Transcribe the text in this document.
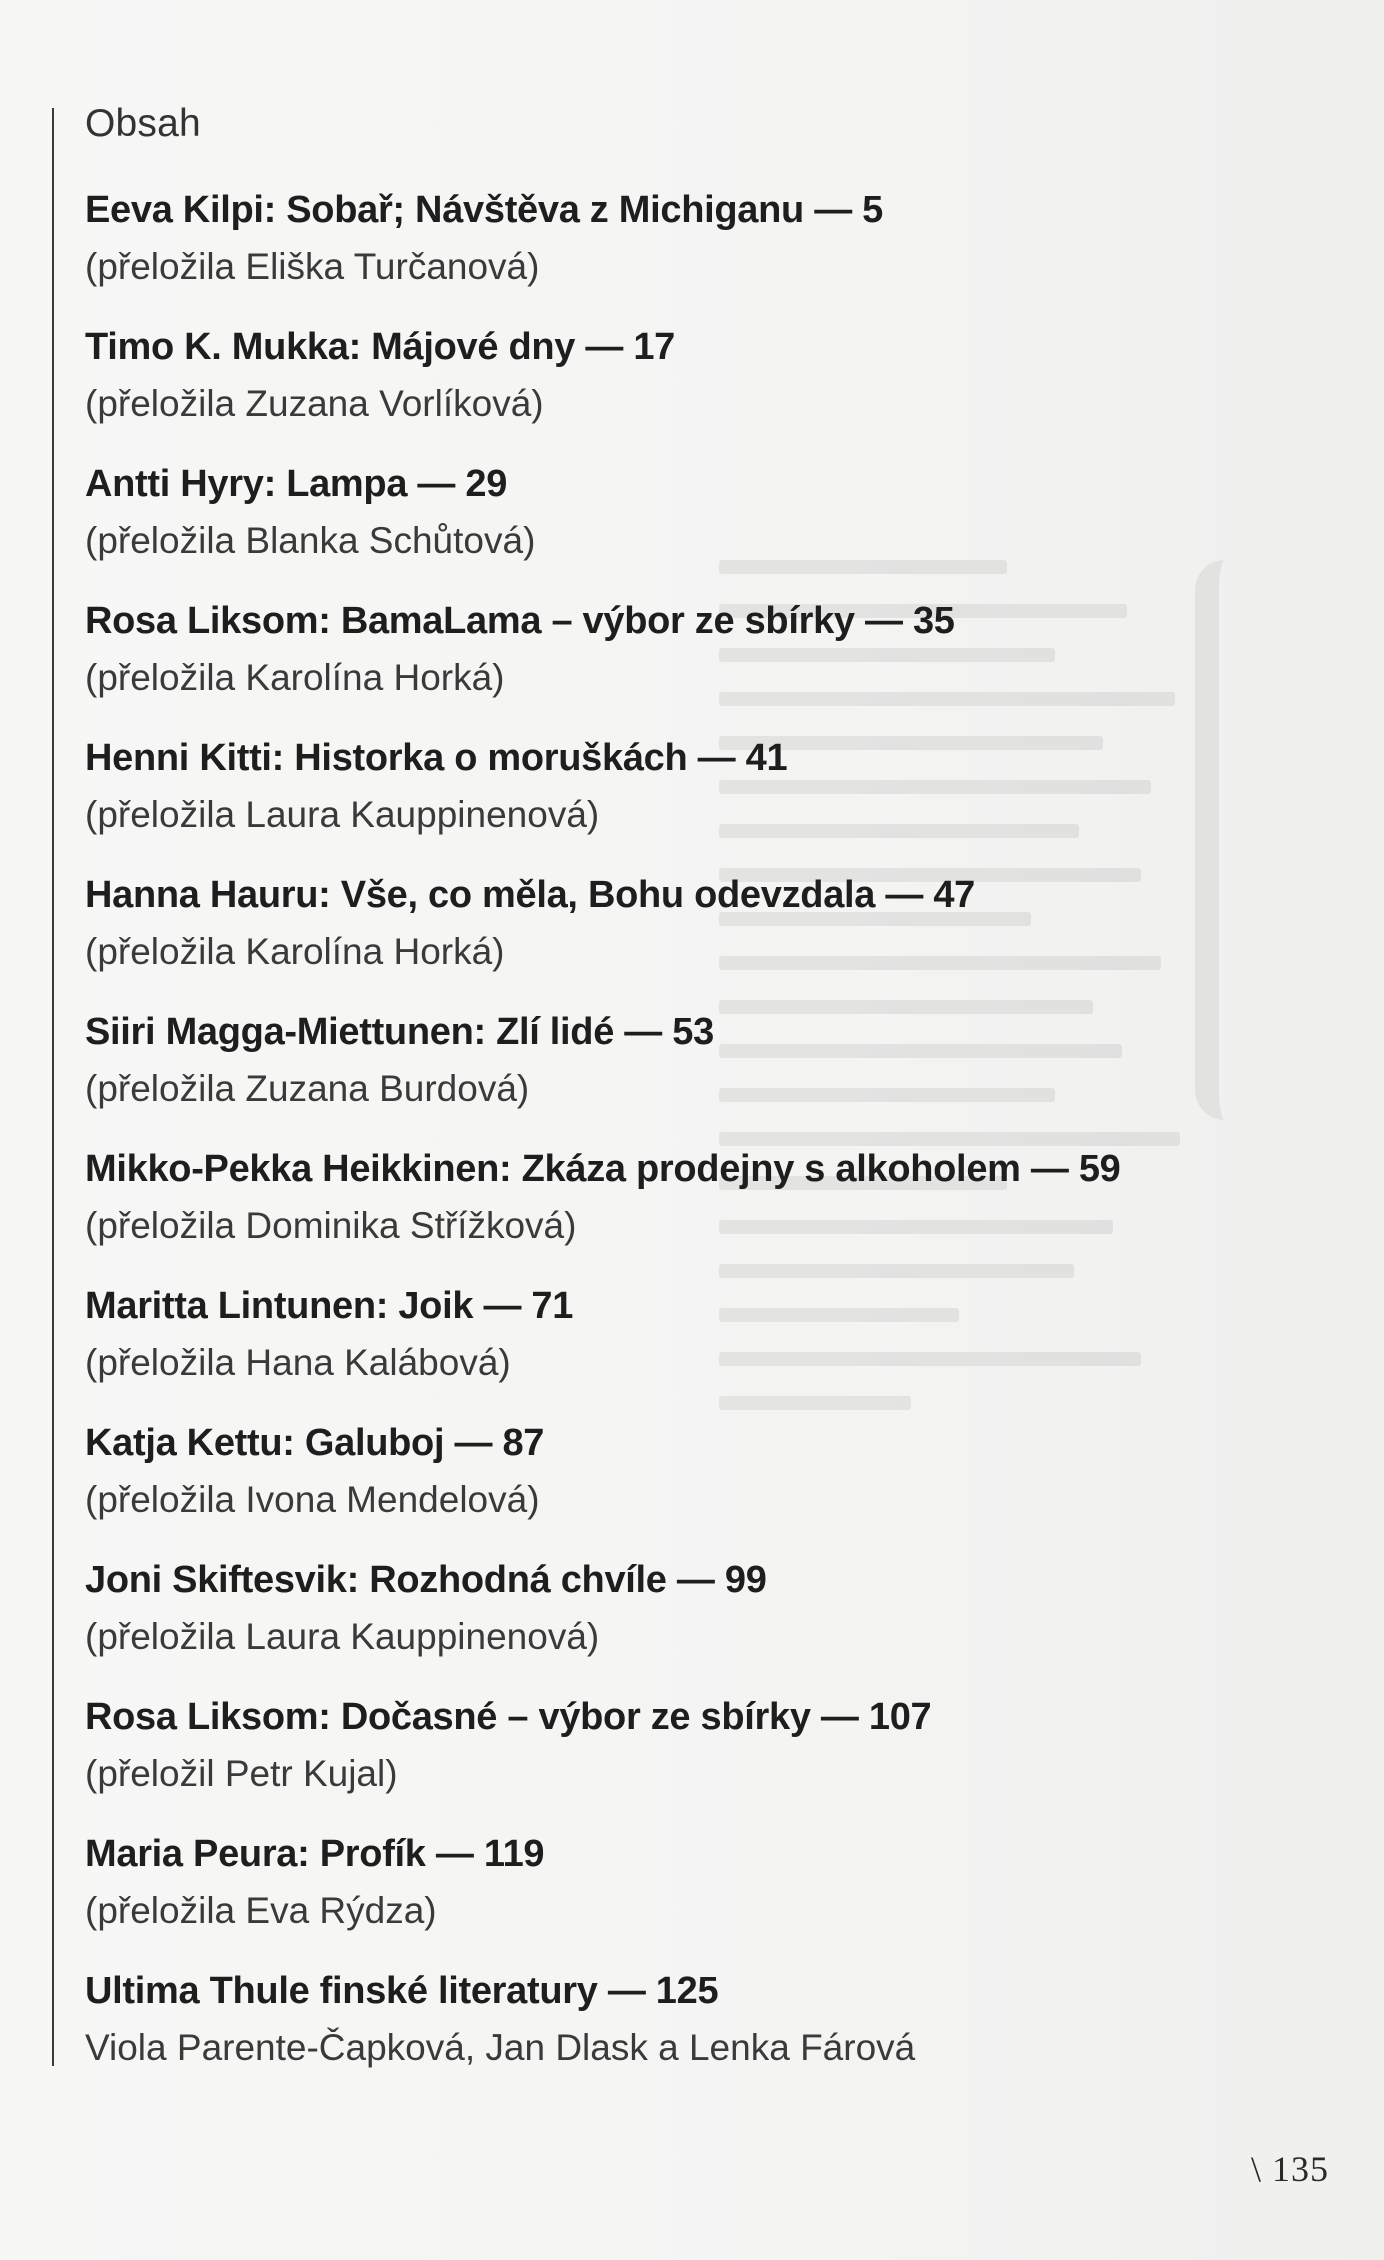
Obsah
Eeva Kilpi: Sobař; Návštěva z Michiganu — 5
(přeložila Eliška Turčanová)
Timo K. Mukka: Májové dny — 17
(přeložila Zuzana Vorlíková)
Antti Hyry: Lampa — 29
(přeložila Blanka Schůtová)
Rosa Liksom: BamaLama – výbor ze sbírky — 35
(přeložila Karolína Horká)
Henni Kitti: Historka o moruškách — 41
(přeložila Laura Kauppinenová)
Hanna Hauru: Vše, co měla, Bohu odevzdala — 47
(přeložila Karolína Horká)
Siiri Magga-Miettunen: Zlí lidé — 53
(přeložila Zuzana Burdová)
Mikko-Pekka Heikkinen: Zkáza prodejny s alkoholem — 59
(přeložila Dominika Střížková)
Maritta Lintunen: Joik — 71
(přeložila Hana Kalábová)
Katja Kettu: Galuboj — 87
(přeložila Ivona Mendelová)
Joni Skiftesvik: Rozhodná chvíle — 99
(přeložila Laura Kauppinenová)
Rosa Liksom: Dočasné – výbor ze sbírky — 107
(přeložil Petr Kujal)
Maria Peura: Profík — 119
(přeložila Eva Rýdza)
Ultima Thule finské literatury — 125
Viola Parente-Čapková, Jan Dlask a Lenka Fárová
\ 135
